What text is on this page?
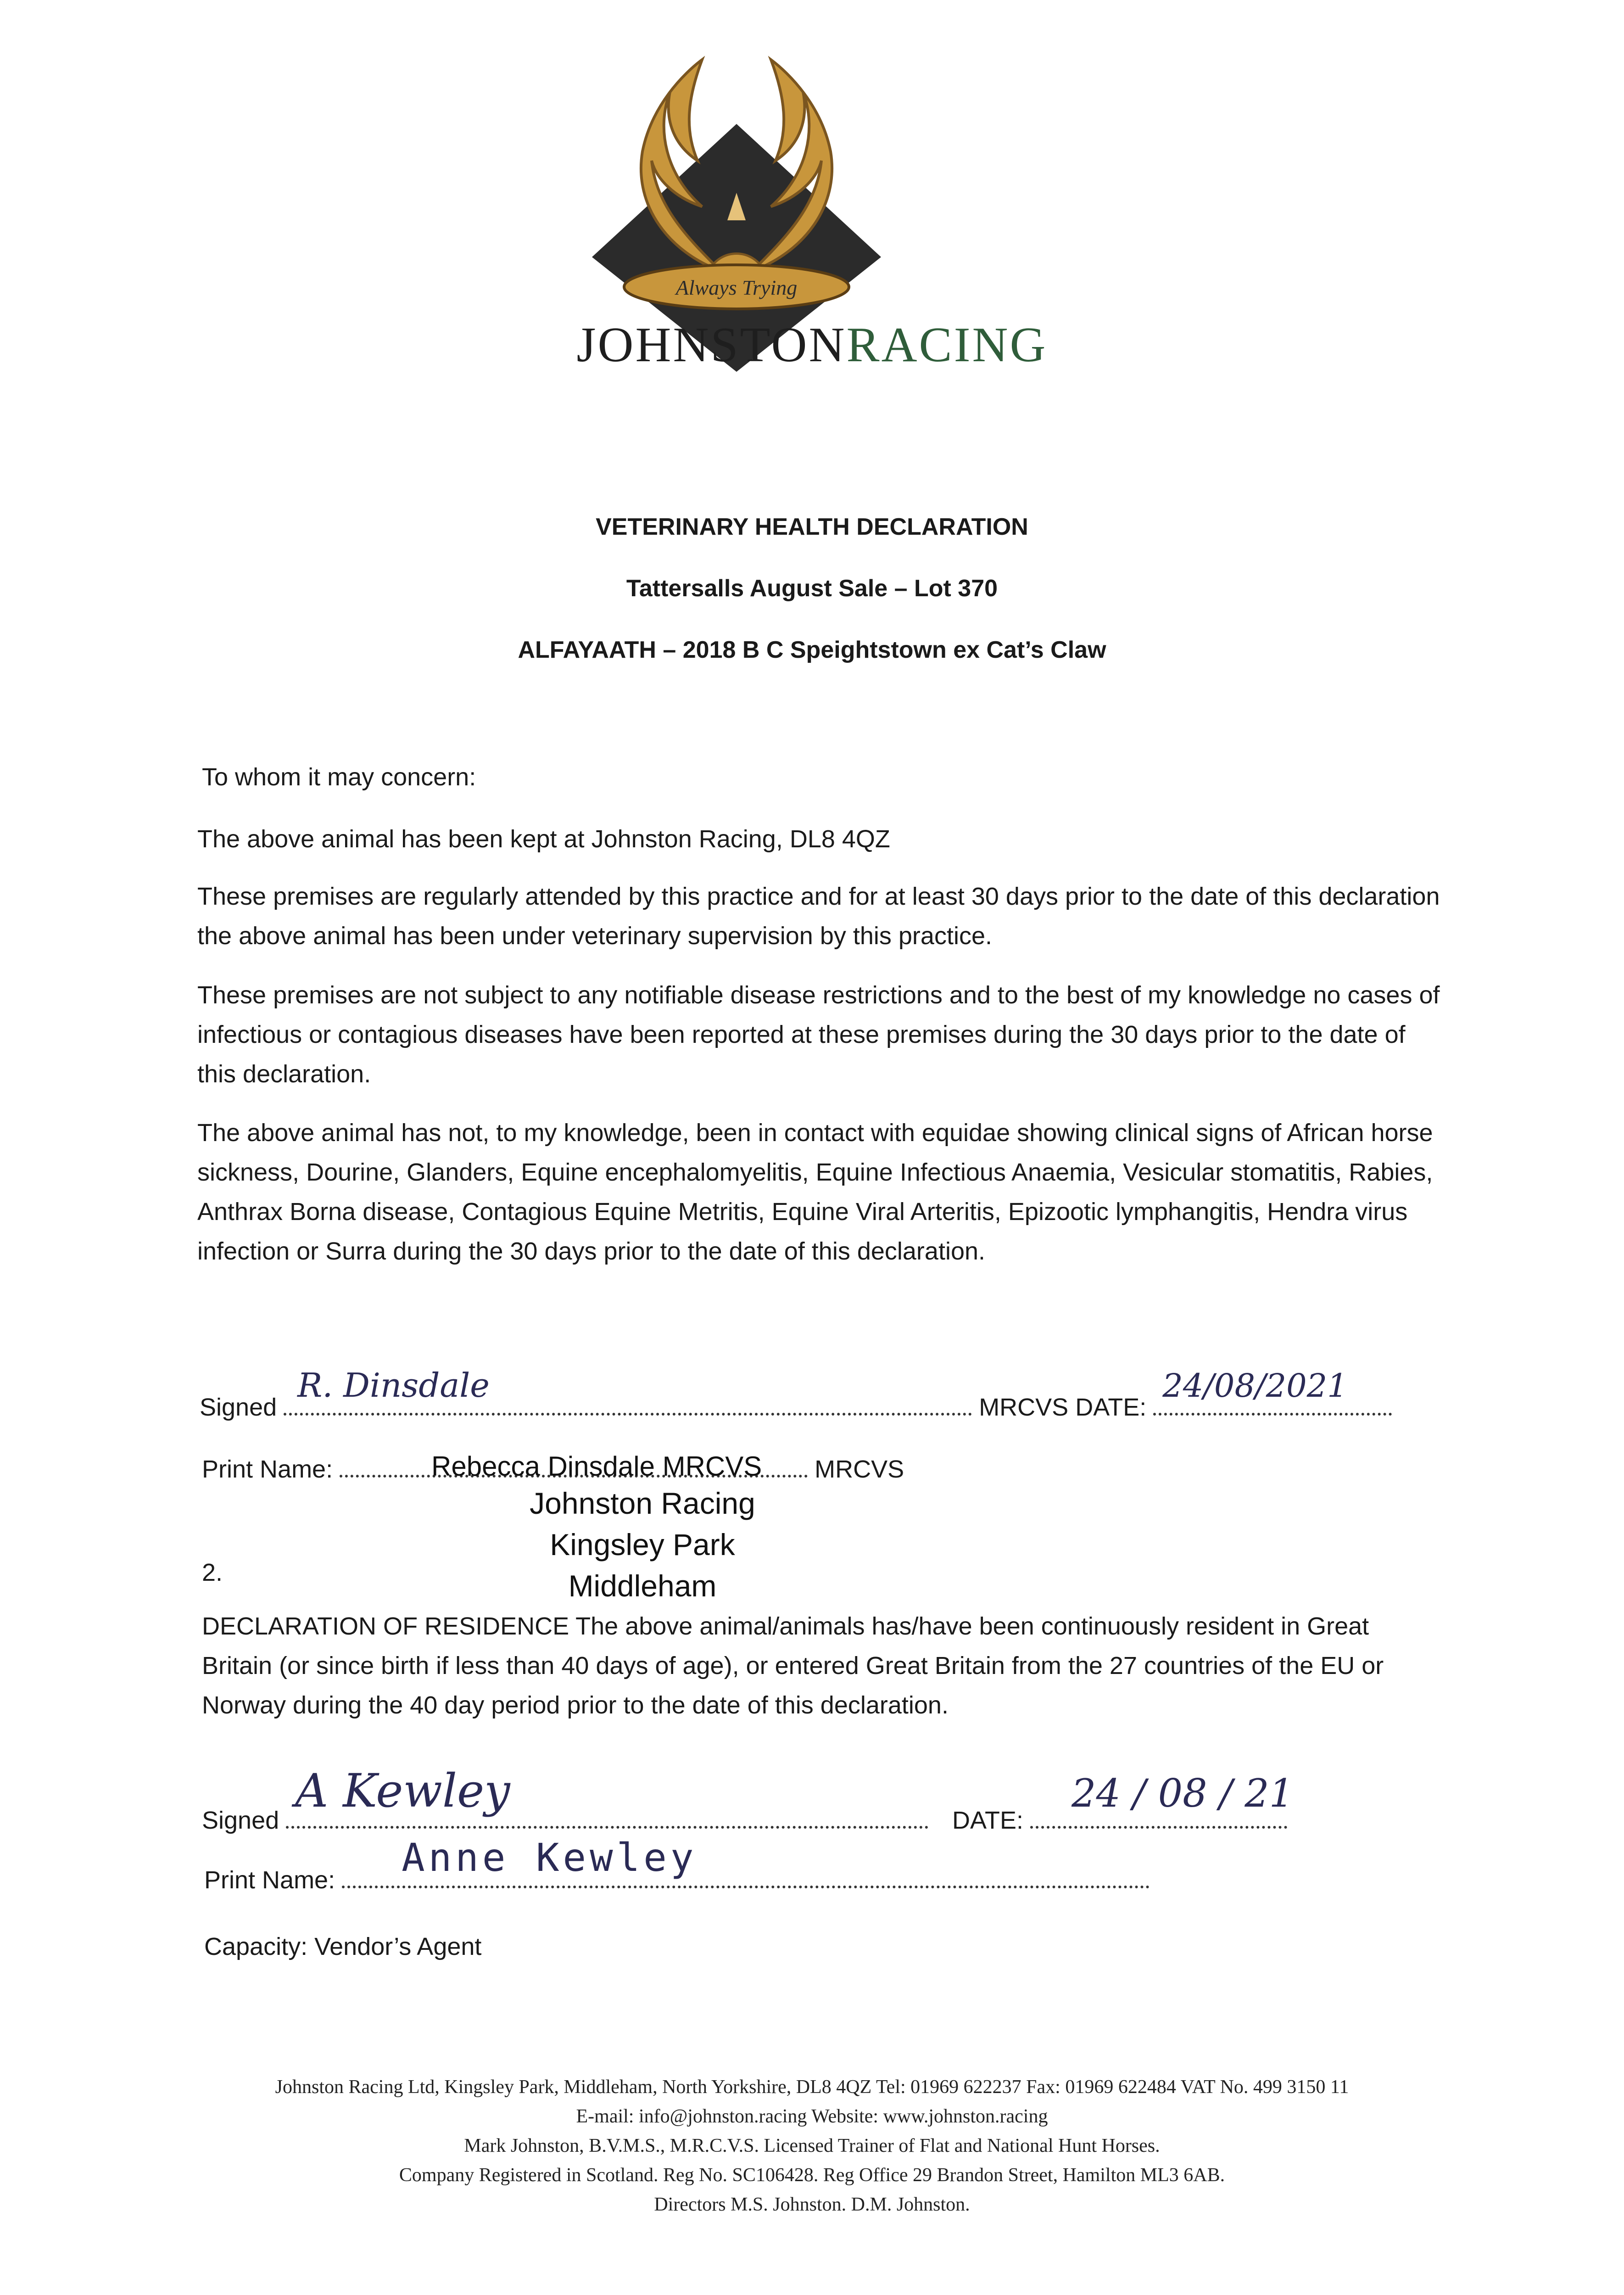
Always Trying
JOHNSTONRACING
VETERINARY HEALTH DECLARATION
Tattersalls August Sale – Lot 370
ALFAYAATH – 2018 B C Speightstown ex Cat’s Claw
To whom it may concern:
The above animal has been kept at Johnston Racing, DL8 4QZ
These premises are regularly attended by this practice and for at least 30 days prior to the date of this declaration the above animal has been under veterinary supervision by this practice.
These premises are not subject to any notifiable disease restrictions and to the best of my knowledge no cases of infectious or contagious diseases have been reported at these premises during the 30 days prior to the date of this declaration.
The above animal has not, to my knowledge, been in contact with equidae showing clinical signs of African horse sickness, Dourine, Glanders, Equine encephalomyelitis, Equine Infectious Anaemia, Vesicular stomatitis, Rabies, Anthrax Borna disease, Contagious Equine Metritis, Equine Viral Arteritis, Epizootic lymphangitis, Hendra virus infection or Surra during the 30 days prior to the date of this declaration.
Signed
R. Dinsdale
MRCVS DATE:
24/08/2021
Print Name:	MRCVS
Rebecca Dinsdale MRCVS
Johnston Racing
Kingsley Park
Middleham
2.
DECLARATION OF RESIDENCE The above animal/animals has/have been continuously resident in Great Britain (or since birth if less than 40 days of age), or entered Great Britain from the 27 countries of the EU or Norway during the 40 day period prior to the date of this declaration.
Signed
A Kewley
DATE:
24 / 08 / 21
Print Name: Anne Kewley
Capacity: Vendor’s Agent
Johnston Racing Ltd, Kingsley Park, Middleham, North Yorkshire, DL8 4QZ Tel: 01969 622237 Fax: 01969 622484 VAT No. 499 3150 11
E-mail: info@johnston.racing Website: www.johnston.racing
Mark Johnston, B.V.M.S., M.R.C.V.S. Licensed Trainer of Flat and National Hunt Horses.
Company Registered in Scotland. Reg No. SC106428. Reg Office 29 Brandon Street, Hamilton ML3 6AB.
Directors M.S. Johnston. D.M. Johnston.
